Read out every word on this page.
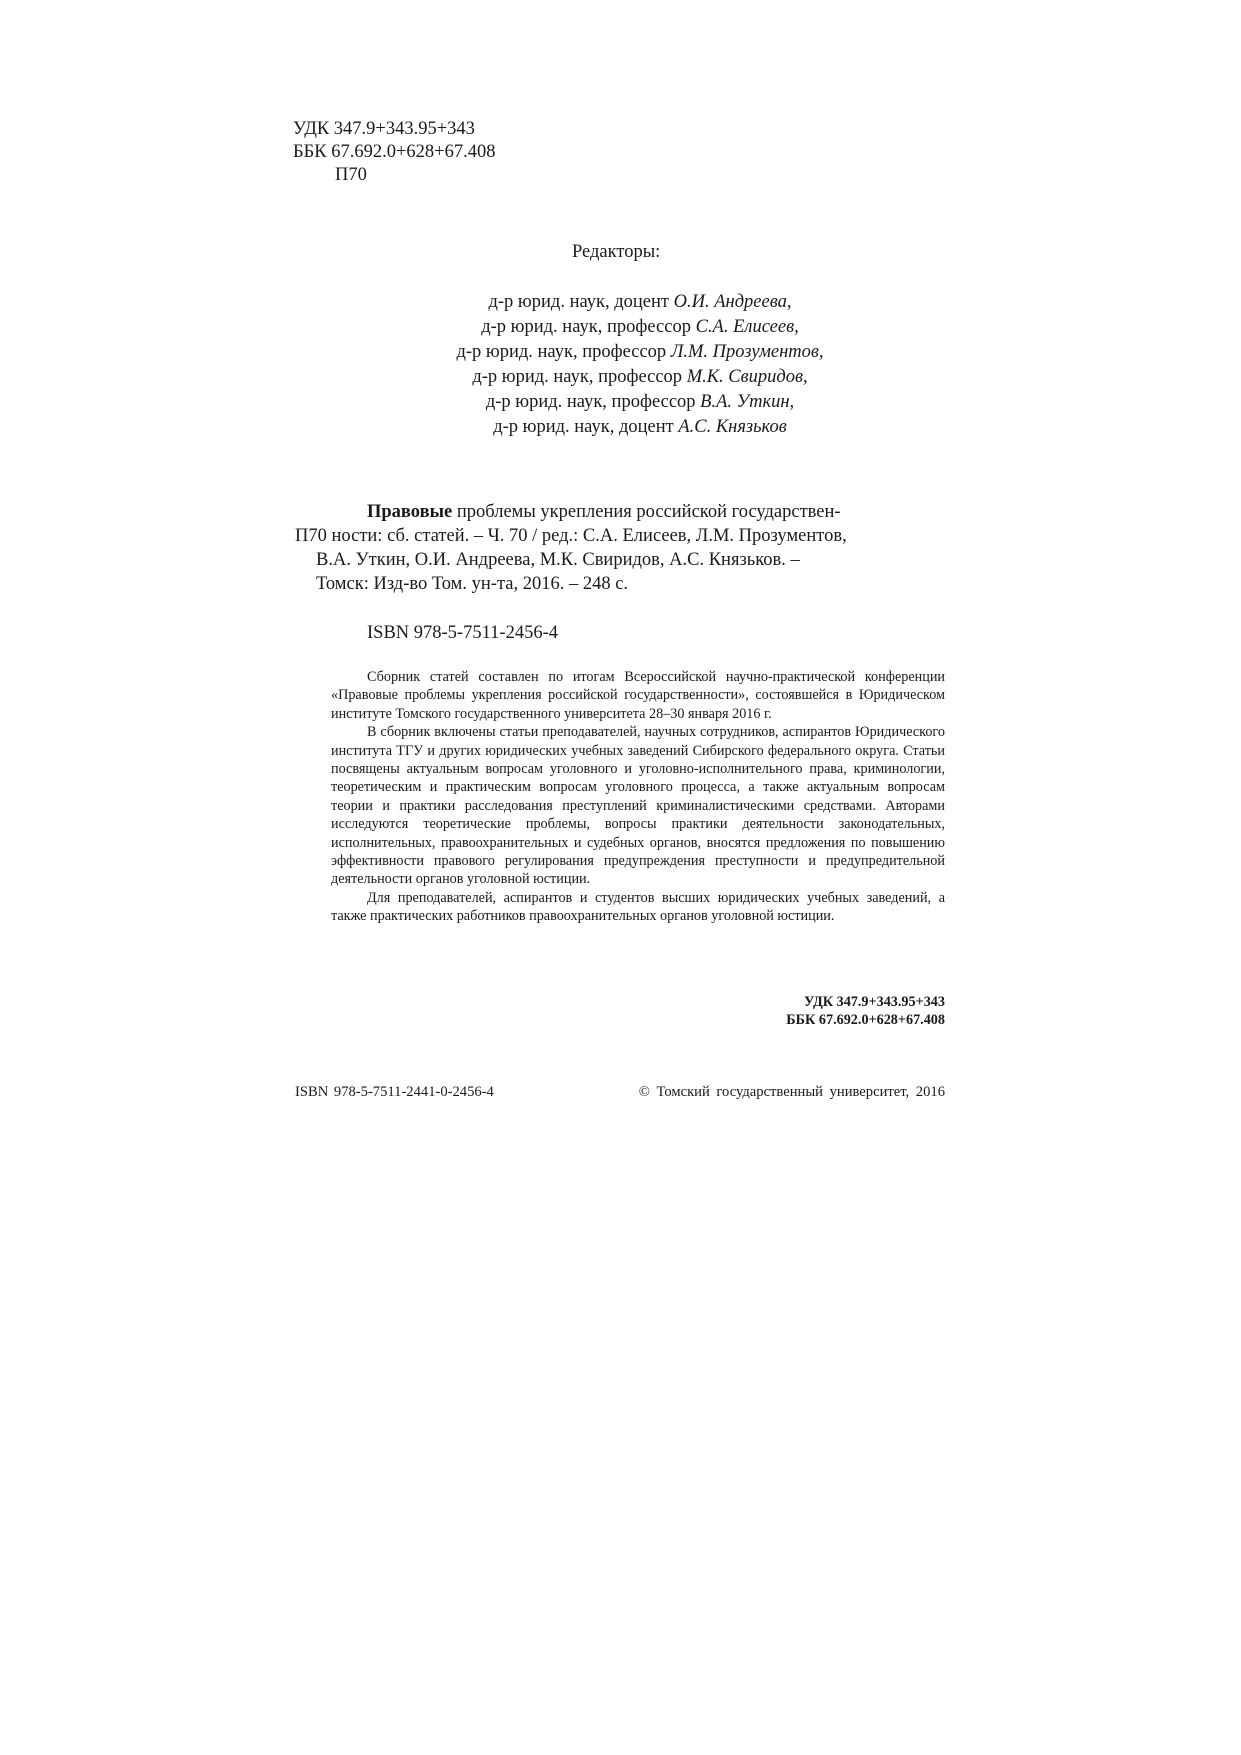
УДК 347.9+343.95+343
ББК 67.692.0+628+67.408
П70
Редакторы:
д-р юрид. наук, доцент О.И. Андреева,
д-р юрид. наук, профессор С.А. Елисеев,
д-р юрид. наук, профессор Л.М. Прозументов,
д-р юрид. наук, профессор М.К. Свиридов,
д-р юрид. наук, профессор В.А. Уткин,
д-р юрид. наук, доцент А.С. Князьков
Правовые проблемы укрепления российской государствен-
П70 ности: сб. статей. – Ч. 70 / ред.: С.А. Елисеев, Л.М. Прозументов,
В.А. Уткин, О.И. Андреева, М.К. Свиридов, А.С. Князьков. –
Томск: Изд-во Том. ун-та, 2016. – 248 с.
ISBN 978-5-7511-2456-4

Сборник статей составлен по итогам Всероссийской научно-практической конференции «Правовые проблемы укрепления российской государственности», состоявшейся в Юридическом институте Томского государственного университета 28–30 января 2016 г.

В сборник включены статьи преподавателей, научных сотрудников, аспирантов Юридического института ТГУ и других юридических учебных заведений Сибирского федерального округа. Статьи посвящены актуальным вопросам уголовного и уголовно-исполнительного права, криминологии, теоретическим и практическим вопросам уголовного процесса, а также актуальным вопросам теории и практики расследования преступлений криминалистическими средствами. Авторами исследуются теоретические проблемы, вопросы практики деятельности законодательных, исполнительных, правоохранительных и судебных органов, вносятся предложения по повышению эффективности правового регулирования предупреждения преступности и предупредительной деятельности органов уголовной юстиции.

Для преподавателей, аспирантов и студентов высших юридических учебных заведений, а также практических работников правоохранительных органов уголовной юстиции.

УДК 347.9+343.95+343
ББК 67.692.0+628+67.408
ISBN 978-5-7511-2441-0-2456-4	© Томский государственный университет, 2016
